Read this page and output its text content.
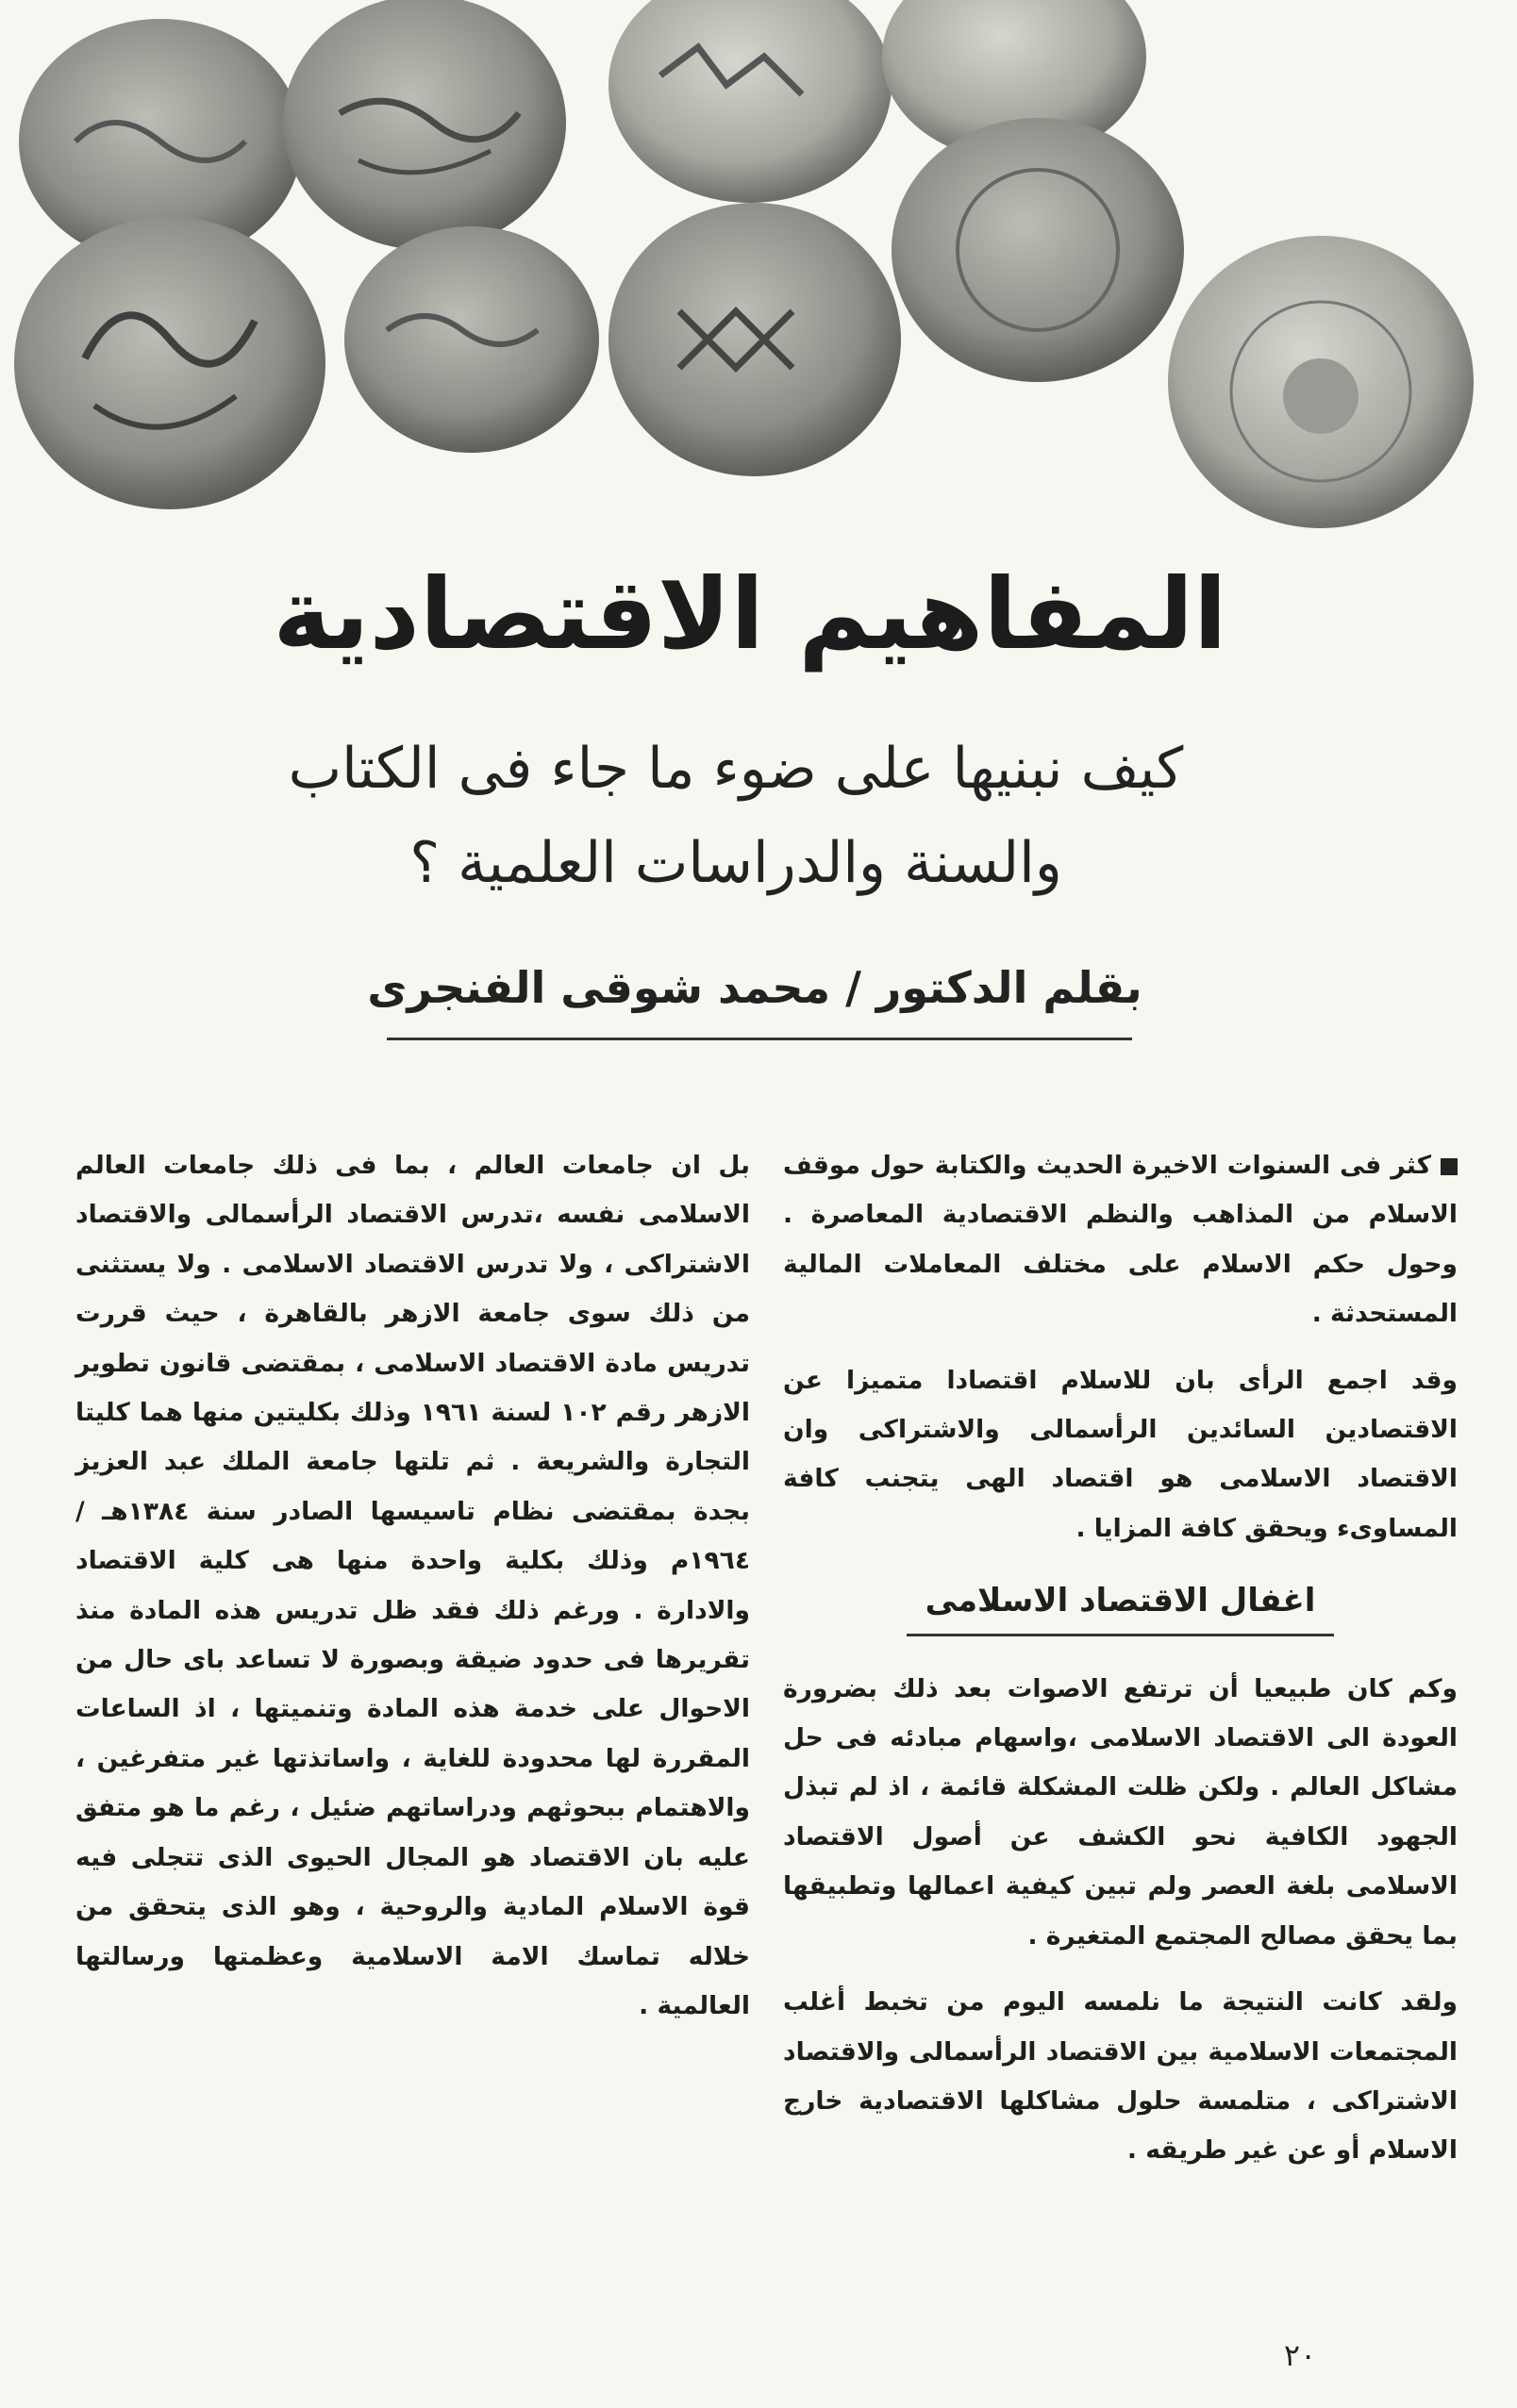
المفاهيم الاقتصادية
كيف نبنيها على ضوء ما جاء فى الكتاب
والسنة والدراسات العلمية ؟
بقلم الدكتور / محمد شوقى الفنجرى

كثر فى السنوات الاخيرة الحديث والكتابة حول موقف الاسلام من المذاهب والنظم الاقتصادية المعاصرة . وحول حكم الاسلام على مختلف المعاملات المالية المستحدثة .

وقد اجمع الرأى بان للاسلام اقتصادا متميزا عن الاقتصادين السائدين الرأسمالى والاشتراكى وان الاقتصاد الاسلامى هو اقتصاد الهى يتجنب كافة المساوىء ويحقق كافة المزايا .

اغفال الاقتصاد الاسلامى

وكم كان طبيعيا أن ترتفع الاصوات بعد ذلك بضرورة العودة الى الاقتصاد الاسلامى ،واسهام مبادئه فى حل مشاكل العالم . ولكن ظلت المشكلة قائمة ، اذ لم تبذل الجهود الكافية نحو الكشف عن أصول الاقتصاد الاسلامى بلغة العصر ولم تبين كيفية اعمالها وتطبيقها بما يحقق مصالح المجتمع المتغيرة .

ولقد كانت النتيجة ما نلمسه اليوم من تخبط أغلب المجتمعات الاسلامية بين الاقتصاد الرأسمالى والاقتصاد الاشتراكى ، متلمسة حلول مشاكلها الاقتصادية خارج الاسلام أو عن غير طريقه .

بل ان جامعات العالم ، بما فى ذلك جامعات العالم الاسلامى نفسه ،تدرس الاقتصاد الرأسمالى والاقتصاد الاشتراكى ، ولا تدرس الاقتصاد الاسلامى . ولا يستثنى من ذلك سوى جامعة الازهر بالقاهرة ، حيث قررت تدريس مادة الاقتصاد الاسلامى ، بمقتضى قانون تطوير الازهر رقم ١٠٢ لسنة ١٩٦١ وذلك بكليتين منها هما كليتا التجارة والشريعة . ثم تلتها جامعة الملك عبد العزيز بجدة بمقتضى نظام تاسيسها الصادر سنة ١٣٨٤هـ / ١٩٦٤م وذلك بكلية واحدة منها هى كلية الاقتصاد والادارة . ورغم ذلك فقد ظل تدريس هذه المادة منذ تقريرها فى حدود ضيقة وبصورة لا تساعد باى حال من الاحوال على خدمة هذه المادة وتنميتها ، اذ الساعات المقررة لها محدودة للغاية ، واساتذتها غير متفرغين ، والاهتمام ببحوثهم ودراساتهم ضئيل ، رغم ما هو متفق عليه بان الاقتصاد هو المجال الحيوى الذى تتجلى فيه قوة الاسلام المادية والروحية ، وهو الذى يتحقق من خلاله تماسك الامة الاسلامية وعظمتها ورسالتها العالمية .

٢٠
